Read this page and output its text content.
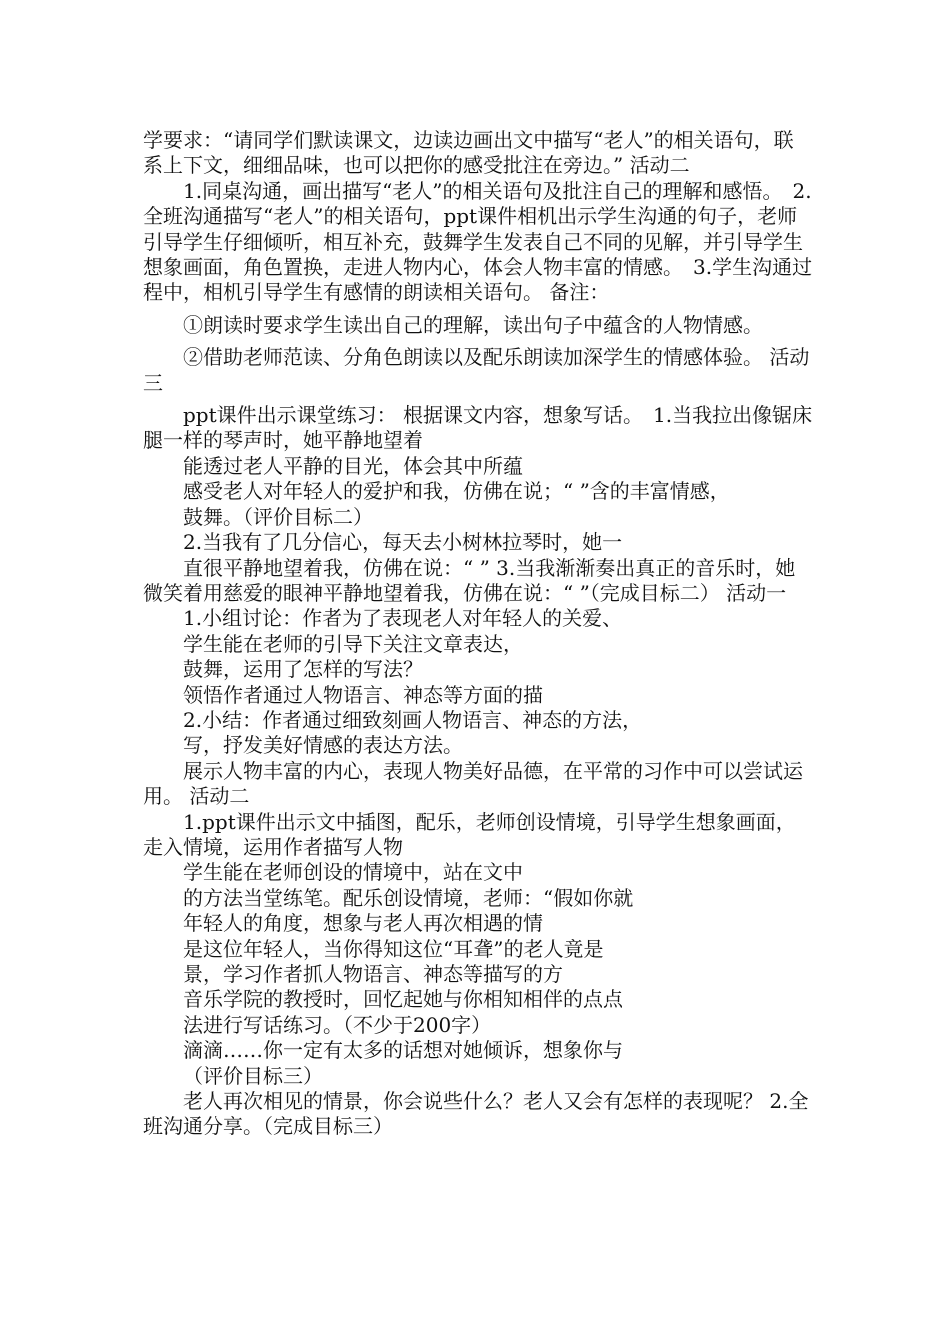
学要求：“请同学们默读课文，边读边画出文中描写“老人”的相关语句，联系上下文，细细品味，也可以把你的感受批注在旁边。” 活动二

1.同桌沟通，画出描写“老人”的相关语句及批注自己的理解和感悟。　2.全班沟通描写“老人”的相关语句，ppt课件相机出示学生沟通的句子，老师引导学生仔细倾听，相互补充，鼓舞学生发表自己不同的见解，并引导学生想象画面，角色置换，走进人物内心，体会人物丰富的情感。　3.学生沟通过程中，相机引导学生有感情的朗读相关语句。 备注：

①朗读时要求学生读出自己的理解，读出句子中蕴含的人物情感。

②借助老师范读、分角色朗读以及配乐朗读加深学生的情感体验。 活动三

ppt课件出示课堂练习： 根据课文内容，想象写话。　1.当我拉出像锯床腿一样的琴声时，她平静地望着

能透过老人平静的目光，体会其中所蕴

感受老人对年轻人的爱护和我，仿佛在说；“ ”含的丰富情感，

鼓舞。（评价目标二）

2.当我有了几分信心，每天去小树林拉琴时，她一

直很平静地望着我，仿佛在说：“ ” 3.当我渐渐奏出真正的音乐时，她微笑着用慈爱的眼神平静地望着我，仿佛在说：“ ”（完成目标二） 活动一

1.小组讨论：作者为了表现老人对年轻人的关爱、

学生能在老师的引导下关注文章表达，

鼓舞，运用了怎样的写法？

领悟作者通过人物语言、神态等方面的描

2.小结：作者通过细致刻画人物语言、神态的方法，

写，抒发美好情感的表达方法。

展示人物丰富的内心，表现人物美好品德，在平常的习作中可以尝试运用。 活动二

1.ppt课件出示文中插图，配乐，老师创设情境，引导学生想象画面，走入情境，运用作者描写人物

学生能在老师创设的情境中，站在文中

的方法当堂练笔。配乐创设情境，老师：“假如你就

年轻人的角度，想象与老人再次相遇的情

是这位年轻人，当你得知这位“耳聋”的老人竟是

景，学习作者抓人物语言、神态等描写的方

音乐学院的教授时，回忆起她与你相知相伴的点点

法进行写话练习。（不少于200字）

滴滴……你一定有太多的话想对她倾诉，想象你与

（评价目标三）

老人再次相见的情景，你会说些什么？老人又会有怎样的表现呢？ 2.全班沟通分享。（完成目标三）
